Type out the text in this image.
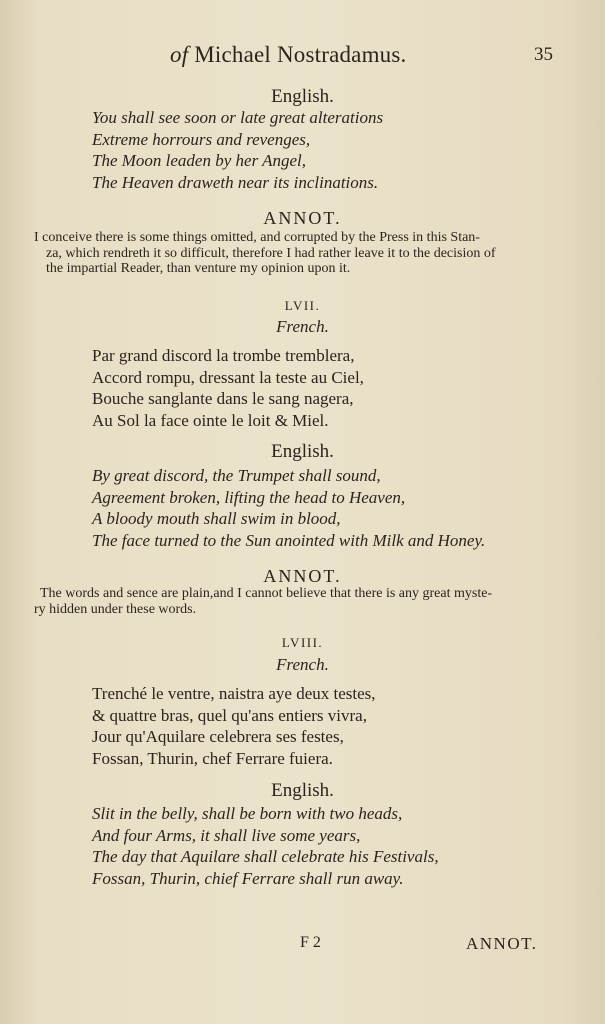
of Michael Nostradamus.	35
English.
You shall see soon or late great alterations
Extreme horrours and revenges,
The Moon leaden by her Angel,
The Heaven draweth near its inclinations.
ANNOT.
I conceive there is some things omitted, and corrupted by the Press in this Stan-
za, which rendreth it so difficult, therefore I had rather leave it to the decision of
the impartial Reader, than venture my opinion upon it.
LVII.
French.
Par grand discord la trombe tremblera,
Accord rompu, dressant la teste au Ciel,
Bouche sanglante dans le sang nagera,
Au Sol la face ointe le loit & Miel.
English.
By great discord, the Trumpet shall sound,
Agreement broken, lifting the head to Heaven,
A bloody mouth shall swim in blood,
The face turned to the Sun anointed with Milk and Honey.
ANNOT.
The words and sence are plain,and I cannot believe that there is any great myste-
ry hidden under these words.
LVIII.
French.
Trenché le ventre, naistra aye deux testes,
& quattre bras, quel qu'ans entiers vivra,
Jour qu'Aquilare celebrera ses festes,
Fossan, Thurin, chef Ferrare fuiera.
English.
Slit in the belly, shall be born with two heads,
And four Arms, it shall live some years,
The day that Aquilare shall celebrate his Festivals,
Fossan, Thurin, chief Ferrare shall run away.
F 2	ANNOT.
